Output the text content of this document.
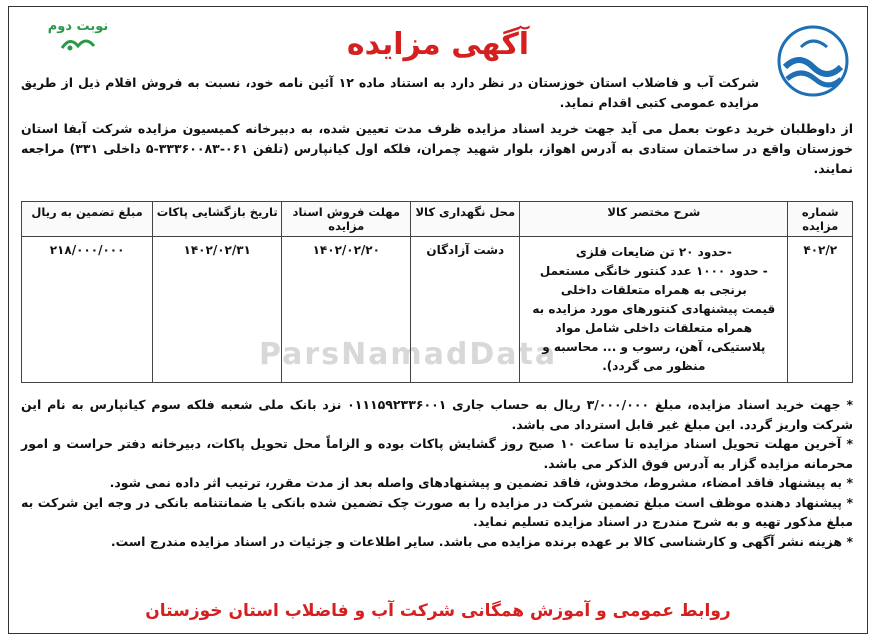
نوبت دوم
آگهی مزایده

شرکت آب و فاضلاب استان خوزستان در نظر دارد به استناد ماده ۱۲ آئین نامه خود، نسبت به فروش اقلام ذیل از طریق مزایده عمومی کتبی اقدام نماید.

از داوطلبان خرید دعوت بعمل می آید جهت خرید اسناد مزایده ظرف مدت تعیین شده، به دبیرخانه کمیسیون مزایده شرکت آبفا استان خوزستان واقع در ساختمان ستادی به آدرس اهواز، بلوار شهید چمران، فلکه اول کیانپارس (تلفن ۰۶۱-۳۳۳۶۰۰۸۳-۵ داخلی ۳۳۱) مراجعه نمایند.

ParsNamadData
شماره مزایده	شرح مختصر کالا	محل نگهداری کالا	مهلت فروش اسناد مزایده	تاریخ بازگشایی پاکات	مبلغ تضمین به ریال
۴۰۲/۲	-حدود ۲۰ تن ضایعات فلزی
- حدود ۱۰۰۰ عدد کنتور خانگی مستعمل برنجی به همراه متعلقات داخلی
قیمت پیشنهادی کنتورهای مورد مزایده به همراه متعلقات داخلی شامل مواد پلاستیکی، آهن، رسوب و ... محاسبه و منظور می گردد).	دشت آزادگان	۱۴۰۲/۰۲/۲۰	۱۴۰۲/۰۲/۳۱	۲۱۸/۰۰۰/۰۰۰

* جهت خرید اسناد مزایده، مبلغ ۳/۰۰۰/۰۰۰ ریال به حساب جاری ۰۱۱۱۵۹۲۳۳۶۰۰۱ نزد بانک ملی شعبه فلکه سوم کیانپارس به نام این شرکت واریز گردد. این مبلغ غیر قابل استرداد می باشد.

* آخرین مهلت تحویل اسناد مزایده تا ساعت ۱۰ صبح روز گشایش پاکات بوده و الزاماً محل تحویل پاکات، دبیرخانه دفتر حراست و امور محرمانه مزایده گزار به آدرس فوق الذکر می باشد.

* به پیشنهاد فاقد امضاء، مشروط، مخدوش، فاقد تضمین و پیشنهادهای واصله بعد از مدت مقرر، ترتیب اثر داده نمی شود.

* پیشنهاد دهنده موظف است مبلغ تضمین شرکت در مزایده را به صورت چک تضمین شده بانکی یا ضمانتنامه بانکی در وجه این شرکت به مبلغ مذکور تهیه و به شرح مندرج در اسناد مزایده تسلیم نماید.

* هزینه نشر آگهی و کارشناسی کالا بر عهده برنده مزایده می باشد. سایر اطلاعات و جزئیات در اسناد مزایده مندرج است.

روابط عمومی و آموزش همگانی شرکت آب و فاضلاب استان خوزستان
